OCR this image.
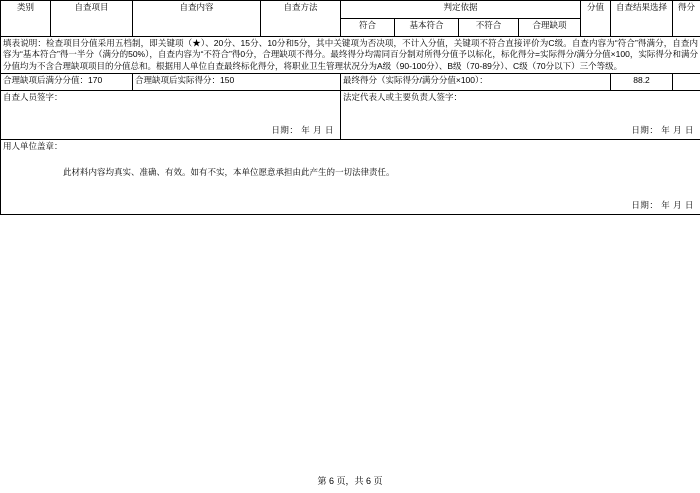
类别	自查项目	自查内容	自查方法	判定依据				分值	自查结果选择	得分
				符合	基本符合	不符合	合理缺项			
填表说明：检查项目分值采用五档制，即关键项（★）、20分、15分、10分和5分，其中关键项为否决项，不计入分值，关键项不符合直接评价为C级。自查内容为“符合”得满分，自查内容为“基本符合”得一半分（满分的50%），自查内容为“不符合”得0分，合理缺项不得分。最终得分均需同百分制对所得分值予以标化，标化得分=实际得分/满分分值×100，实际得分和满分分值均为不含合理缺项项目的分值总和。根据用人单位自查最终标化得分，将职业卫生管理状况分为A级（90-100分）、B级（70-89分）、C级（70分以下）三个等级。										
合理缺项后满分分值：170		合理缺项后实际得分：150		最终得分（实际得分/满分分值×100）：					88.2	

自查人员签字：
日期： 年 月 日				法定代表人或主要负责人签字：
日期： 年 月 日						

用人单位盖章：
此材料内容均真实、准确、有效。如有不实，本单位愿意承担由此产生的一切法律责任。
日期： 年 月 日										
第 6 页，共 6 页
